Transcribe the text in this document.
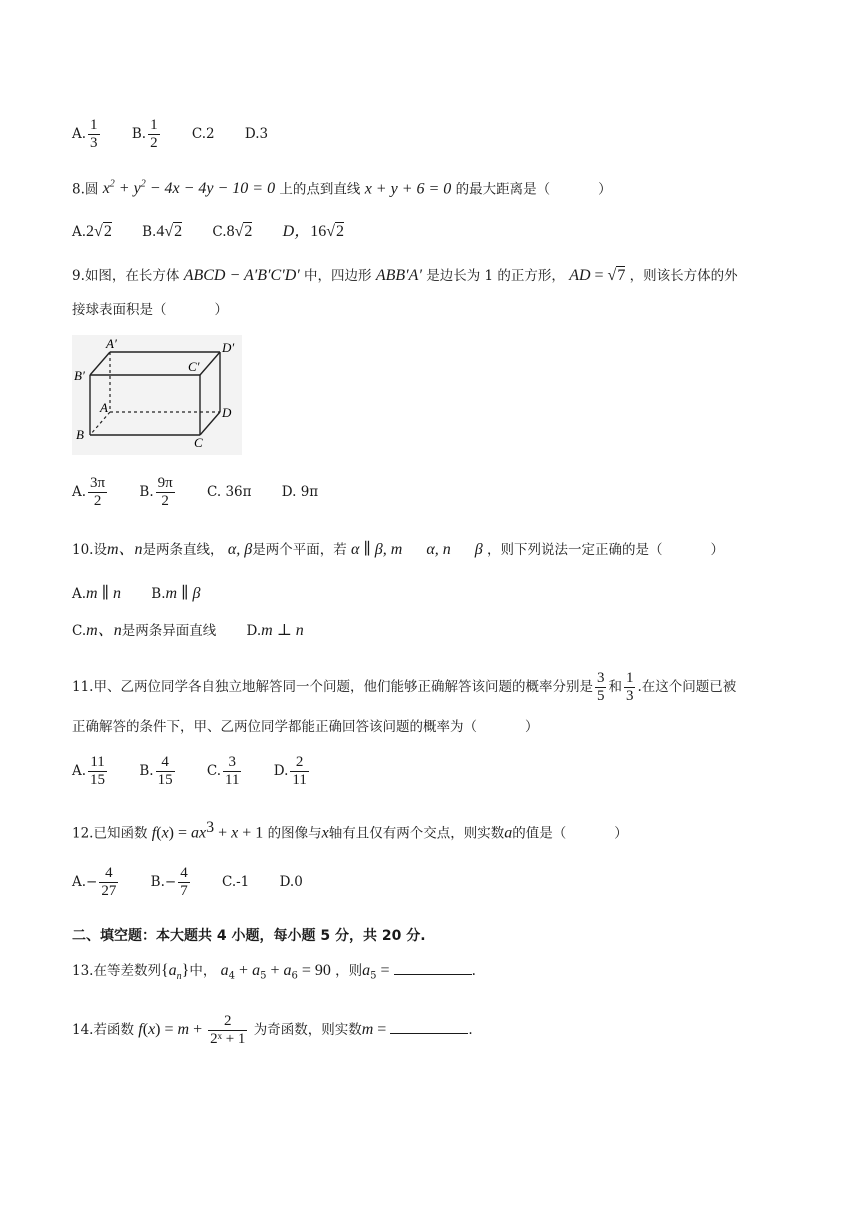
A. $\frac{1}{3} B$. $\frac{1}{2} C.2$ D.3
8.圆 $x^2 + y^2 - 4x - 4y - 10 = 0$ 上的点到直线 x + y + 6 = 0 的最大距离是（	）
A.2√2 B.4√2 C.8√2 D，16√2
9.如图，在长方体 ABCD − A′B′C′D′ 中，四边形 ABB′A′ 是边长为 1 的正方形， AD = √7 ，则该长方体的外
接球表面积是（	）
A′	D′
B′
C′
A	D
B
C
A. $\frac{3\pi}{2} B$. $\frac{9\pi}{2} C$. 36π D. 9π
10.设m、n是两条直线， α, β是两个平面，若 α ∥ β, m      α, n      β ，则下列说法一定正确的是（	）
A.m ∥ n B.m ∥ β
C.m、n是两条异面直线 D.m ⊥ n
11.甲、乙两位同学各自独立地解答同一个问题，他们能够正确解答该问题的概率分别是 $\frac{3}{5}$ 和 $\frac{1}{3}$ .在这个问题已被
正确解答的条件下，甲、乙两位同学都能正确回答该问题的概率为（	）
A. $\frac{11}{15} B$. $\frac{4}{15} C$. $\frac{3}{11} D$. $\frac{2}{11}$
12.已知函数 $f(x) = ax^3 + x + 1$ 的图像与x轴有且仅有两个交点，则实数a的值是（	）
$A.- \frac{4}{27} B.- \frac{4}{7} C.-1$ D.0
二、填空题：本大题共 4 小题，每小题 5 分，共 20 分.
13.在等差数列$\{a_n\}$中， $a_4 + a_5 + a_6 = 90$ ，则$a_5$ =	.
14.若函数 $f(x) = m + \frac{2}{\text{2ˣ + 1}}$ 为奇函数，则实数m =	.
